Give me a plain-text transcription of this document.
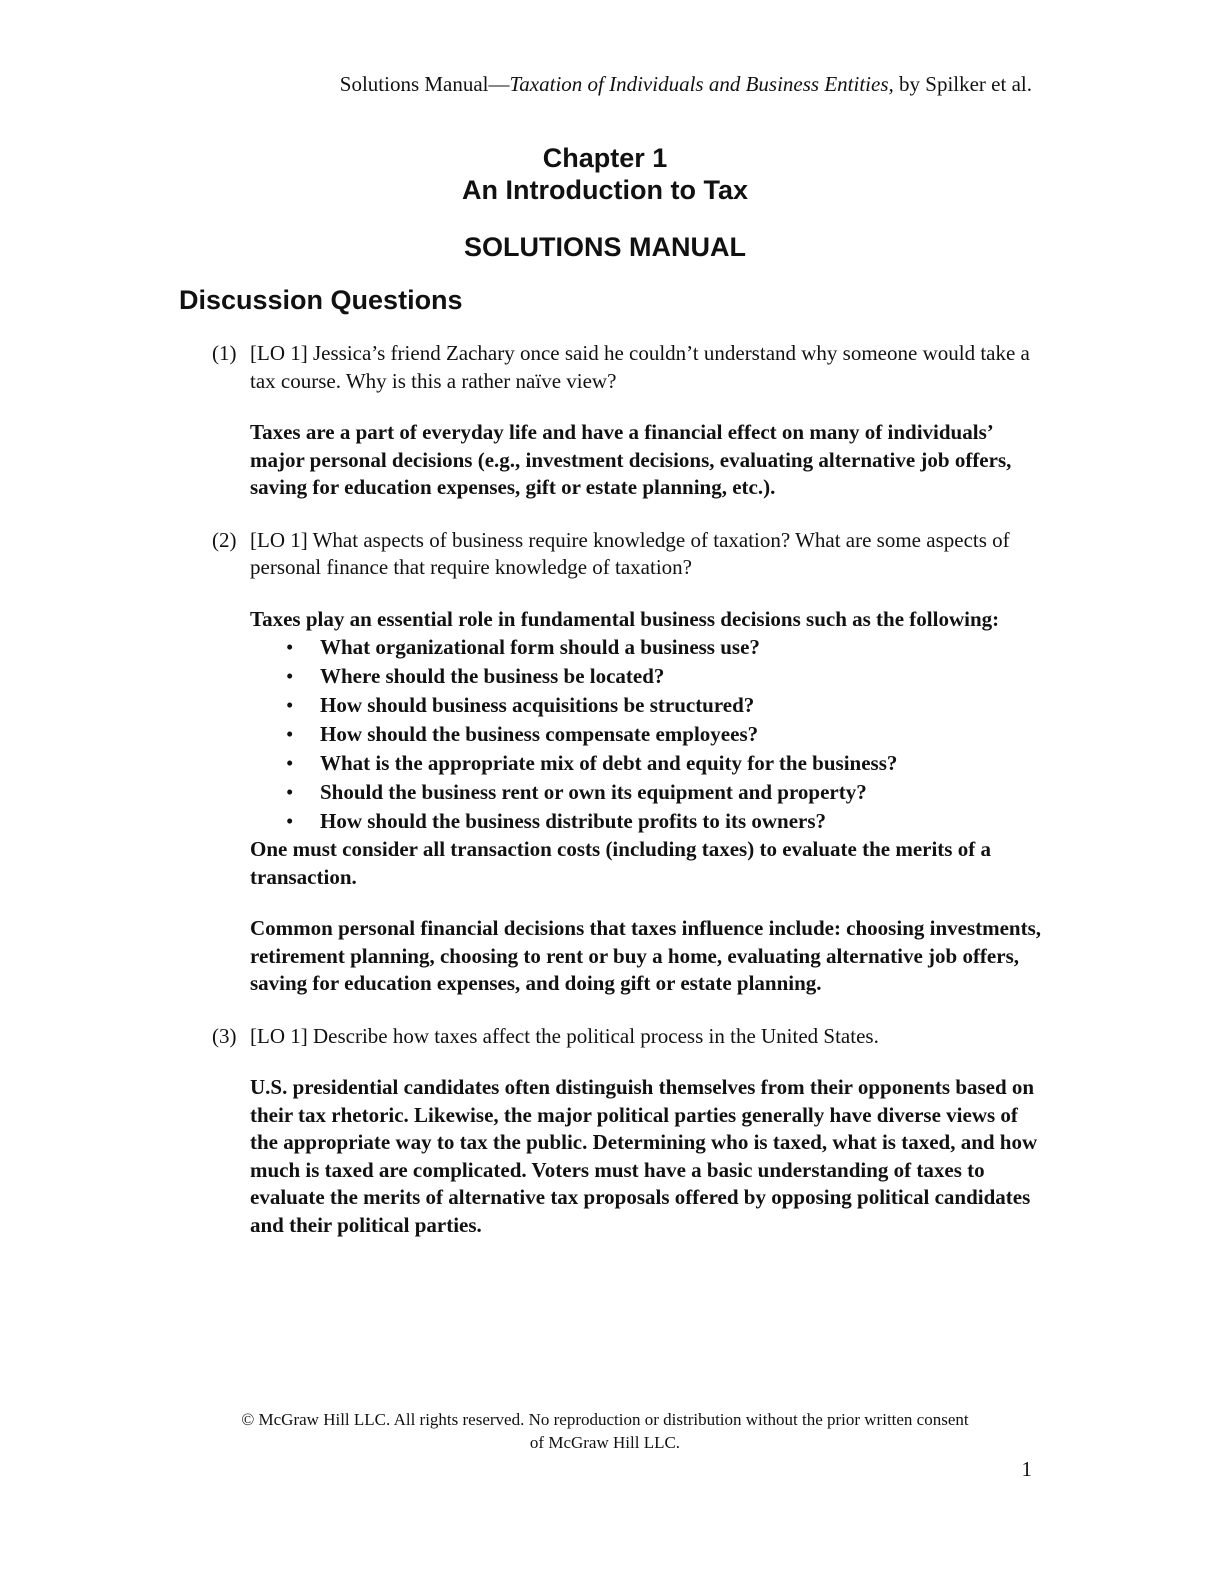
Solutions Manual—Taxation of Individuals and Business Entities, by Spilker et al.
Chapter 1
An Introduction to Tax
SOLUTIONS MANUAL
Discussion Questions
(1) [LO 1] Jessica’s friend Zachary once said he couldn’t understand why someone would take a tax course. Why is this a rather naïve view?
Taxes are a part of everyday life and have a financial effect on many of individuals’ major personal decisions (e.g., investment decisions, evaluating alternative job offers, saving for education expenses, gift or estate planning, etc.).
(2) [LO 1] What aspects of business require knowledge of taxation? What are some aspects of personal finance that require knowledge of taxation?
Taxes play an essential role in fundamental business decisions such as the following:
• What organizational form should a business use?
• Where should the business be located?
• How should business acquisitions be structured?
• How should the business compensate employees?
• What is the appropriate mix of debt and equity for the business?
• Should the business rent or own its equipment and property?
• How should the business distribute profits to its owners?
One must consider all transaction costs (including taxes) to evaluate the merits of a transaction.
Common personal financial decisions that taxes influence include: choosing investments, retirement planning, choosing to rent or buy a home, evaluating alternative job offers, saving for education expenses, and doing gift or estate planning.
(3) [LO 1] Describe how taxes affect the political process in the United States.
U.S. presidential candidates often distinguish themselves from their opponents based on their tax rhetoric. Likewise, the major political parties generally have diverse views of the appropriate way to tax the public. Determining who is taxed, what is taxed, and how much is taxed are complicated. Voters must have a basic understanding of taxes to evaluate the merits of alternative tax proposals offered by opposing political candidates and their political parties.
© McGraw Hill LLC. All rights reserved. No reproduction or distribution without the prior written consent
of McGraw Hill LLC.
1
